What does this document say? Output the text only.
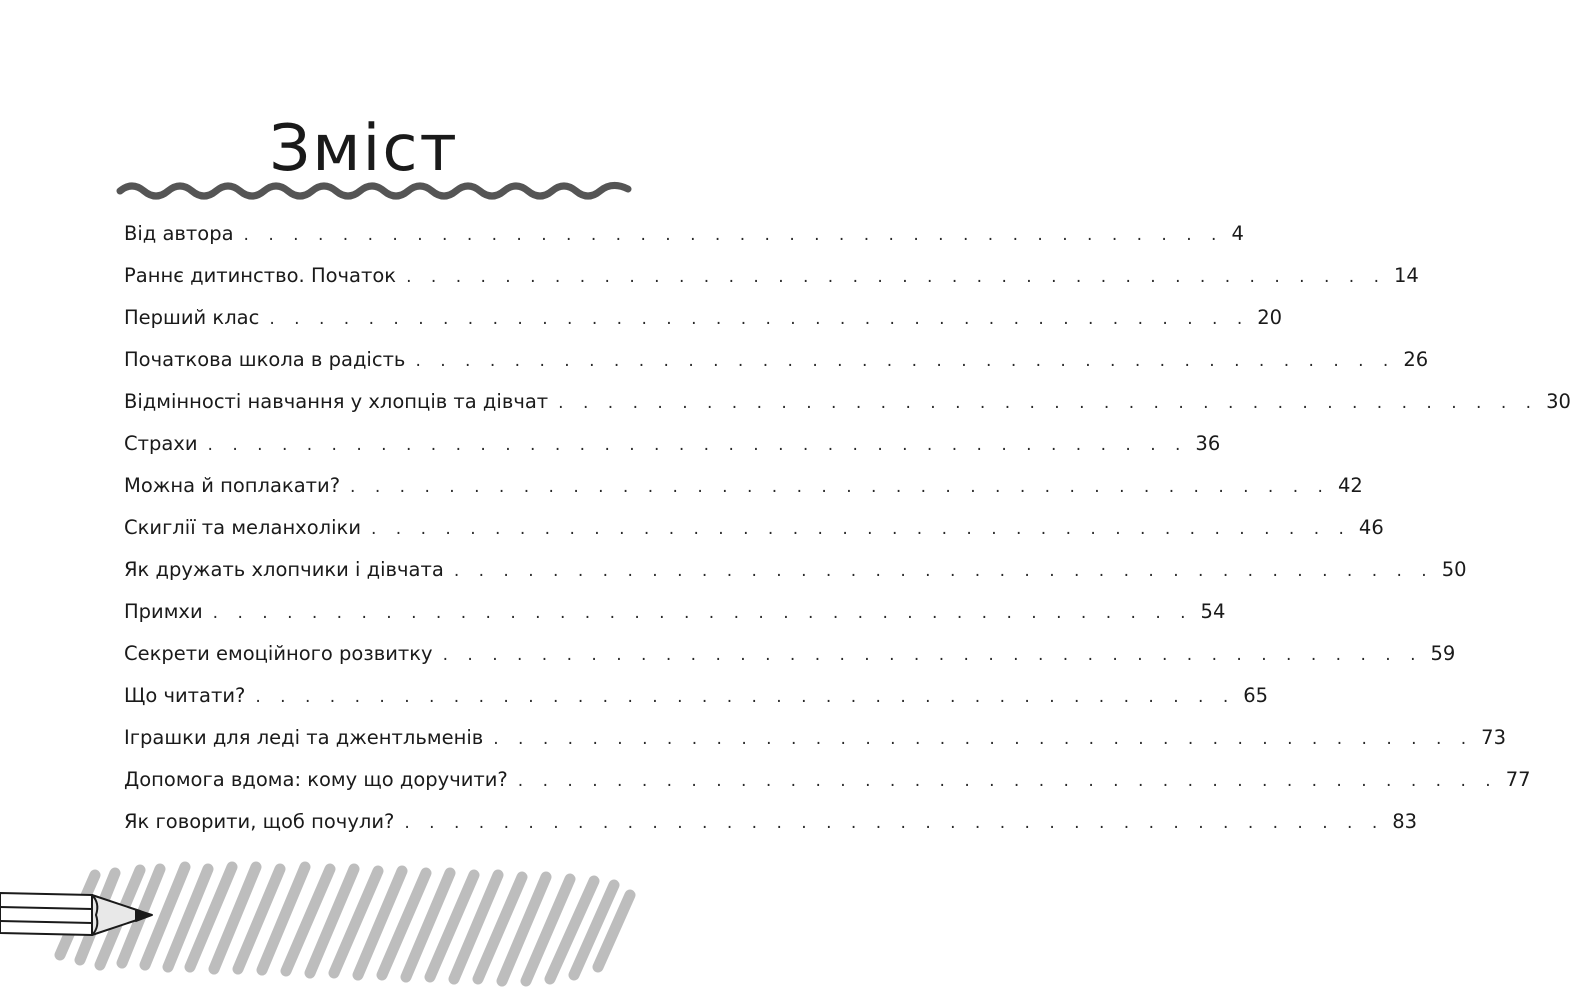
Зміст
Від автора . . . . . . . . . . . . . . . . . . . . . . . . . . . . . . . . . . . . . . . . 4
Раннє дитинство. Початок . . . . . . . . . . . . . . . . . . . . . . . . . . . . . . . . . . . . . . . . 14
Перший клас . . . . . . . . . . . . . . . . . . . . . . . . . . . . . . . . . . . . . . . . 20
Початкова школа в радість . . . . . . . . . . . . . . . . . . . . . . . . . . . . . . . . . . . . . . . . 26
Відмінності навчання у хлопців та дівчат . . . . . . . . . . . . . . . . . . . . . . . . . . . . . . . . . . . . . . . . 30
Страхи . . . . . . . . . . . . . . . . . . . . . . . . . . . . . . . . . . . . . . . . 36
Можна й поплакати? . . . . . . . . . . . . . . . . . . . . . . . . . . . . . . . . . . . . . . . . 42
Скиглії та меланхоліки . . . . . . . . . . . . . . . . . . . . . . . . . . . . . . . . . . . . . . . . 46
Як дружать хлопчики і дівчата . . . . . . . . . . . . . . . . . . . . . . . . . . . . . . . . . . . . . . . . 50
Примхи . . . . . . . . . . . . . . . . . . . . . . . . . . . . . . . . . . . . . . . . 54
Секрети емоційного розвитку . . . . . . . . . . . . . . . . . . . . . . . . . . . . . . . . . . . . . . . . 59
Що читати? . . . . . . . . . . . . . . . . . . . . . . . . . . . . . . . . . . . . . . . . 65
Іграшки для леді та джентльменів . . . . . . . . . . . . . . . . . . . . . . . . . . . . . . . . . . . . . . . . 73
Допомога вдома: кому що доручити? . . . . . . . . . . . . . . . . . . . . . . . . . . . . . . . . . . . . . . . . 77
Як говорити, щоб почули? . . . . . . . . . . . . . . . . . . . . . . . . . . . . . . . . . . . . . . . . 83
